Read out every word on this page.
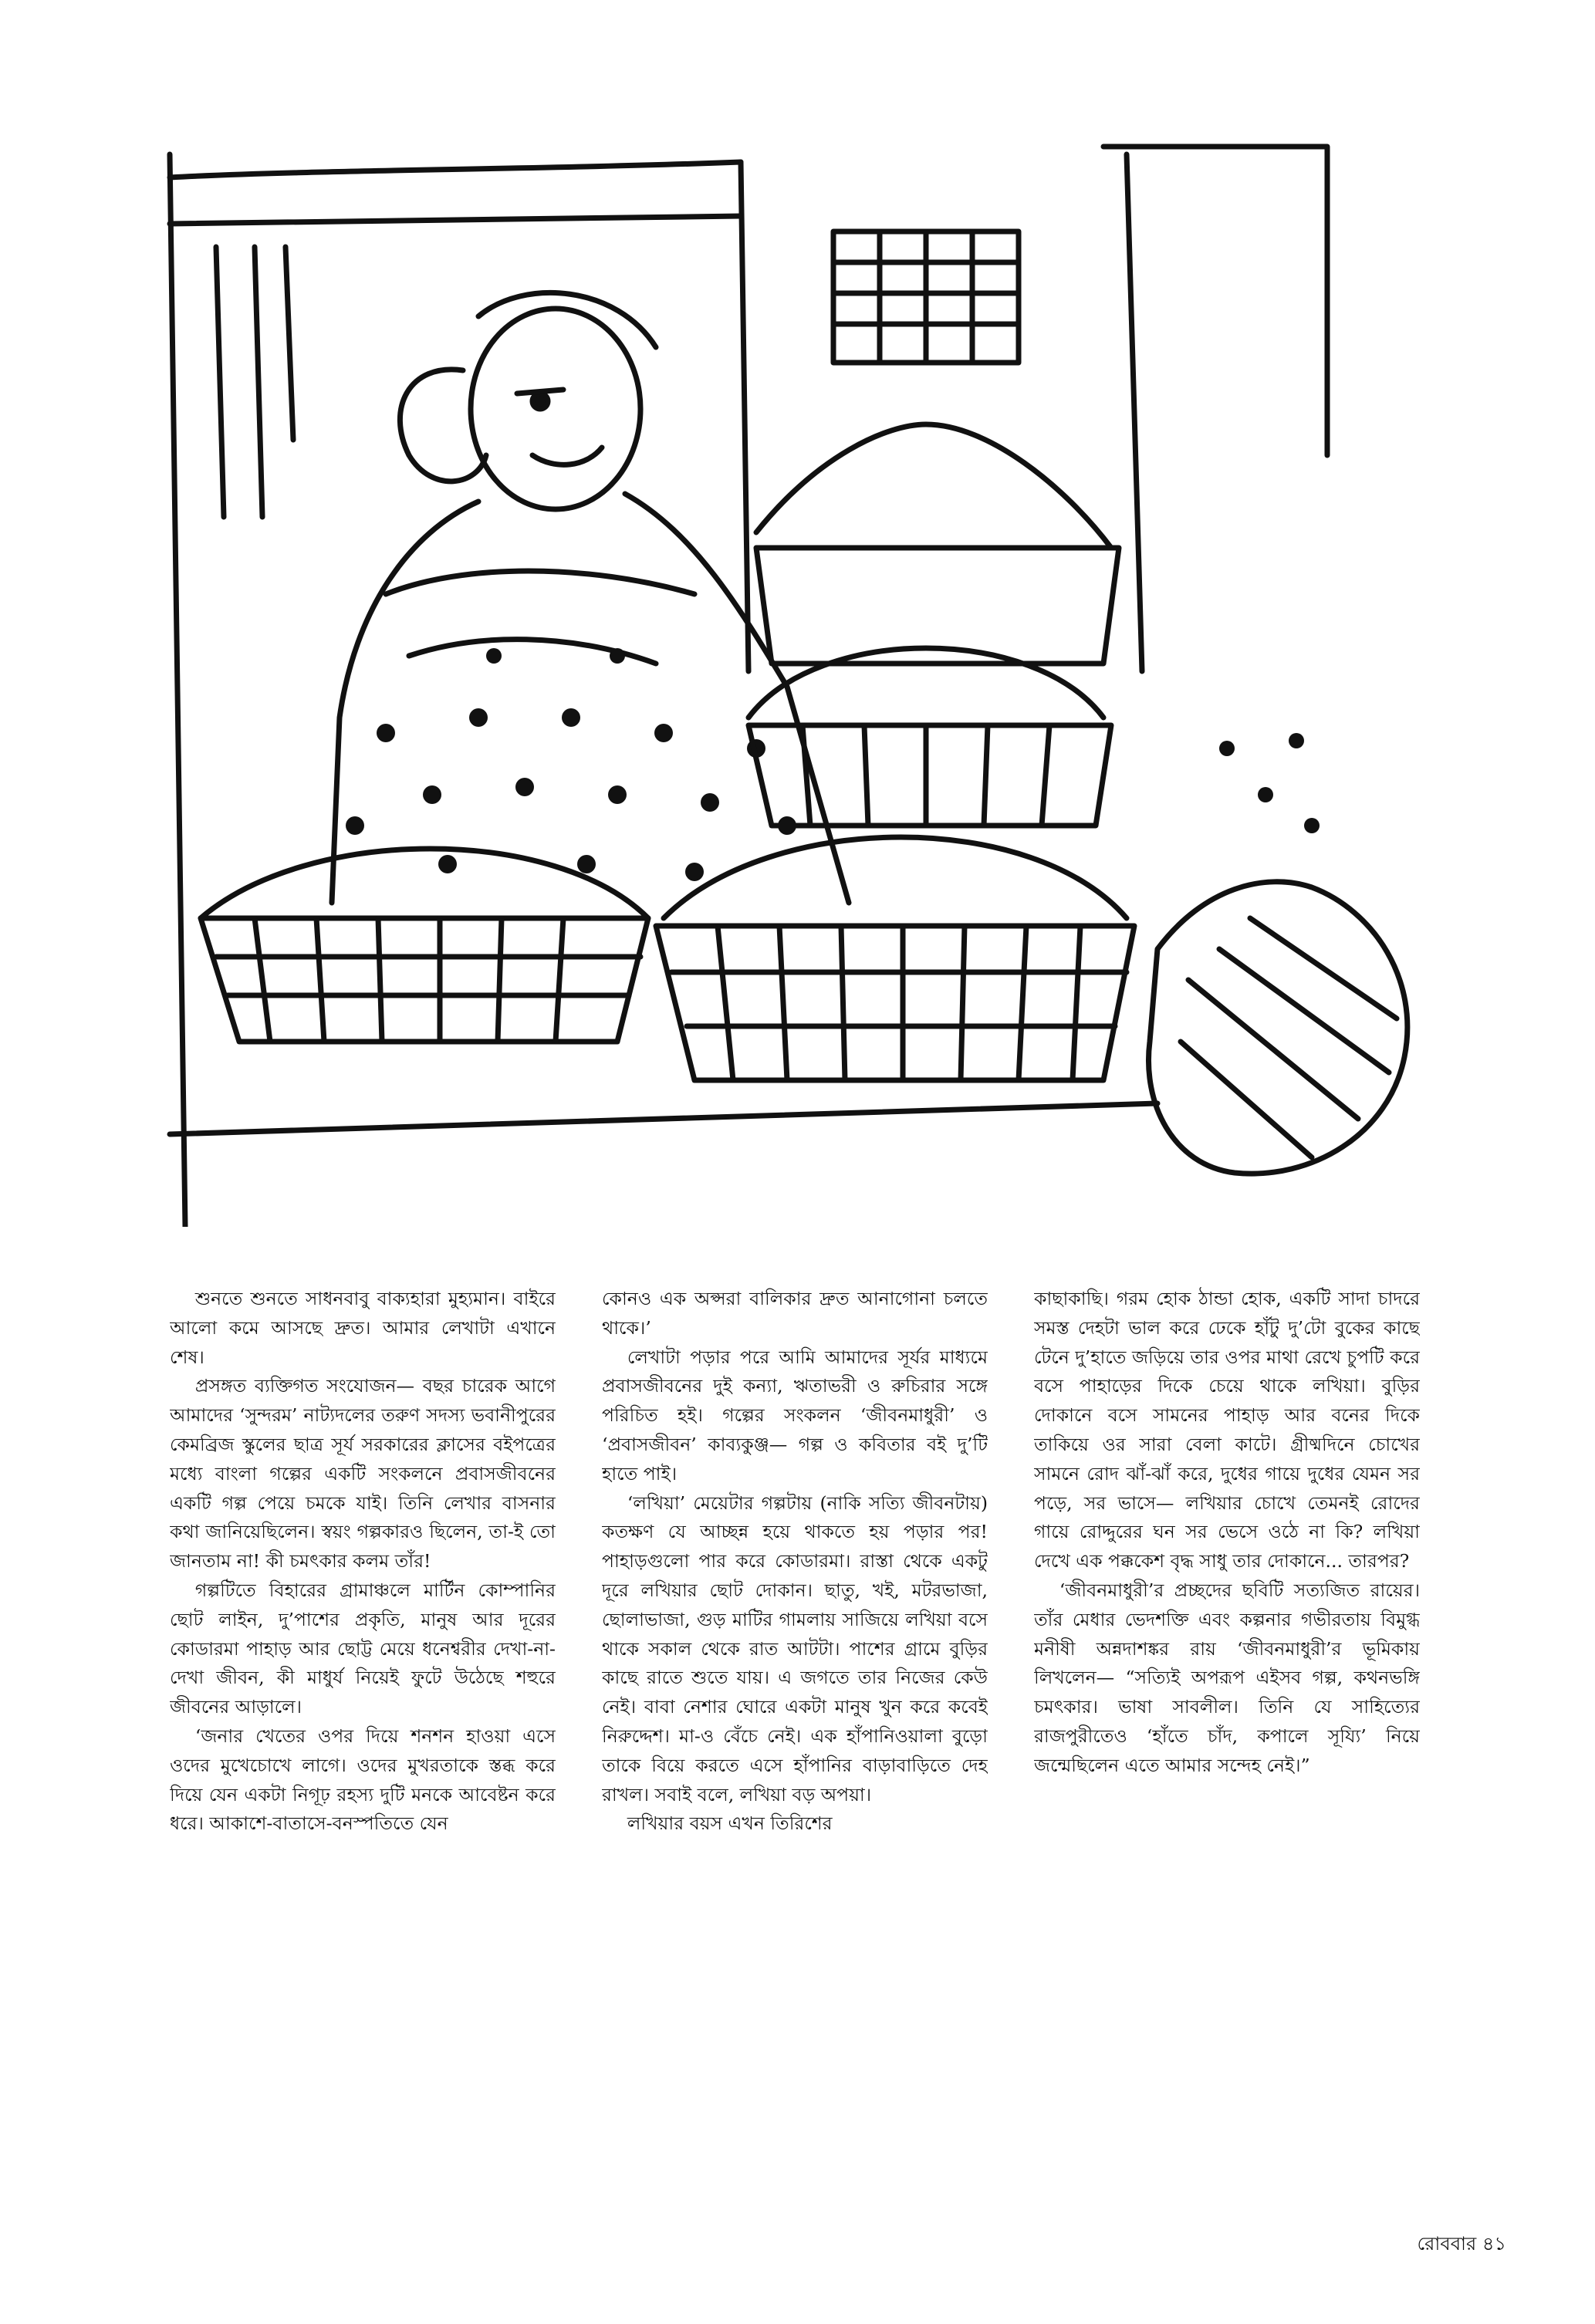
শুনতে শুনতে সাধনবাবু বাক্যহারা মুহ্যমান। বাইরে আলো কমে আসছে দ্রুত। আমার লেখাটা এখানে শেষ।

প্রসঙ্গত ব্যক্তিগত সংযোজন— বছর চারেক আগে আমাদের ‘সুন্দরম’ নাট্যদলের তরুণ সদস্য ভবানীপুরের কেমব্রিজ স্কুলের ছাত্র সূর্য সরকারের ক্লাসের বইপত্রের মধ্যে বাংলা গল্পের একটি সংকলনে প্রবাসজীবনের একটি গল্প পেয়ে চমকে যাই। তিনি লেখার বাসনার কথা জানিয়েছিলেন। স্বয়ং গল্পকারও ছিলেন, তা-ই তো জানতাম না! কী চমৎকার কলম তাঁর!

গল্পটিতে বিহারের গ্রামাঞ্চলে মার্টিন কোম্পানির ছোট লাইন, দু’পাশের প্রকৃতি, মানুষ আর দূরের কোডারমা পাহাড় আর ছোট্ট মেয়ে ধনেশ্বরীর দেখা-না-দেখা জীবন, কী মাধুর্য নিয়েই ফুটে উঠেছে শহুরে জীবনের আড়ালে।

‘জনার খেতের ওপর দিয়ে শনশন হাওয়া এসে ওদের মুখেচোখে লাগে। ওদের মুখরতাকে স্তব্ধ করে দিয়ে যেন একটা নিগূঢ় রহস্য দুটি মনকে আবেষ্টন করে ধরে। আকাশে-বাতাসে-বনস্পতিতে যেন

কোনও এক অপ্সরা বালিকার দ্রুত আনাগোনা চলতে থাকে।’

লেখাটা পড়ার পরে আমি আমাদের সূর্যর মাধ্যমে প্রবাসজীবনের দুই কন্যা, ঋতাভরী ও রুচিরার সঙ্গে পরিচিত হই। গল্পের সংকলন ‘জীবনমাধুরী’ ও ‘প্রবাসজীবন’ কাব্যকুঞ্জ— গল্প ও কবিতার বই দু’টি হাতে পাই।

‘লখিয়া’ মেয়েটার গল্পটায় (নাকি সত্যি জীবনটায়) কতক্ষণ যে আচ্ছন্ন হয়ে থাকতে হয় পড়ার পর! পাহাড়গুলো পার করে কোডারমা। রাস্তা থেকে একটু দূরে লখিয়ার ছোট দোকান। ছাতু, খই, মটরভাজা, ছোলাভাজা, গুড় মাটির গামলায় সাজিয়ে লখিয়া বসে থাকে সকাল থেকে রাত আটটা। পাশের গ্রামে বুড়ির কাছে রাতে শুতে যায়। এ জগতে তার নিজের কেউ নেই। বাবা নেশার ঘোরে একটা মানুষ খুন করে কবেই নিরুদ্দেশ। মা-ও বেঁচে নেই। এক হাঁপানিওয়ালা বুড়ো তাকে বিয়ে করতে এসে হাঁপানির বাড়াবাড়িতে দেহ রাখল। সবাই বলে, লখিয়া বড় অপয়া।

লখিয়ার বয়স এখন তিরিশের

কাছাকাছি। গরম হোক ঠান্ডা হোক, একটি সাদা চাদরে সমস্ত দেহটা ভাল করে ঢেকে হাঁটু দু’টো বুকের কাছে টেনে দু’হাতে জড়িয়ে তার ওপর মাথা রেখে চুপটি করে বসে পাহাড়ের দিকে চেয়ে থাকে লখিয়া। বুড়ির দোকানে বসে সামনের পাহাড় আর বনের দিকে তাকিয়ে ওর সারা বেলা কাটে। গ্রীষ্মদিনে চোখের সামনে রোদ ঝাঁ-ঝাঁ করে, দুধের গায়ে দুধের যেমন সর পড়ে, সর ভাসে— লখিয়ার চোখে তেমনই রোদের গায়ে রোদ্দুরের ঘন সর ভেসে ওঠে না কি? লখিয়া দেখে এক পক্ককেশ বৃদ্ধ সাধু তার দোকানে... তারপর?

‘জীবনমাধুরী’র প্রচ্ছদের ছবিটি সত্যজিত রায়ের। তাঁর মেধার ভেদশক্তি এবং কল্পনার গভীরতায় বিমুগ্ধ মনীষী অন্নদাশঙ্কর রায় ‘জীবনমাধুরী’র ভূমিকায় লিখলেন— “সত্যিই অপরূপ এইসব গল্প, কথনভঙ্গি চমৎকার। ভাষা সাবলীল। তিনি যে সাহিত্যের রাজপুরীতেও ‘হাঁতে চাঁদ, কপালে সূয্যি’ নিয়ে জন্মেছিলেন এতে আমার সন্দেহ নেই।”

রোববার ৪১
